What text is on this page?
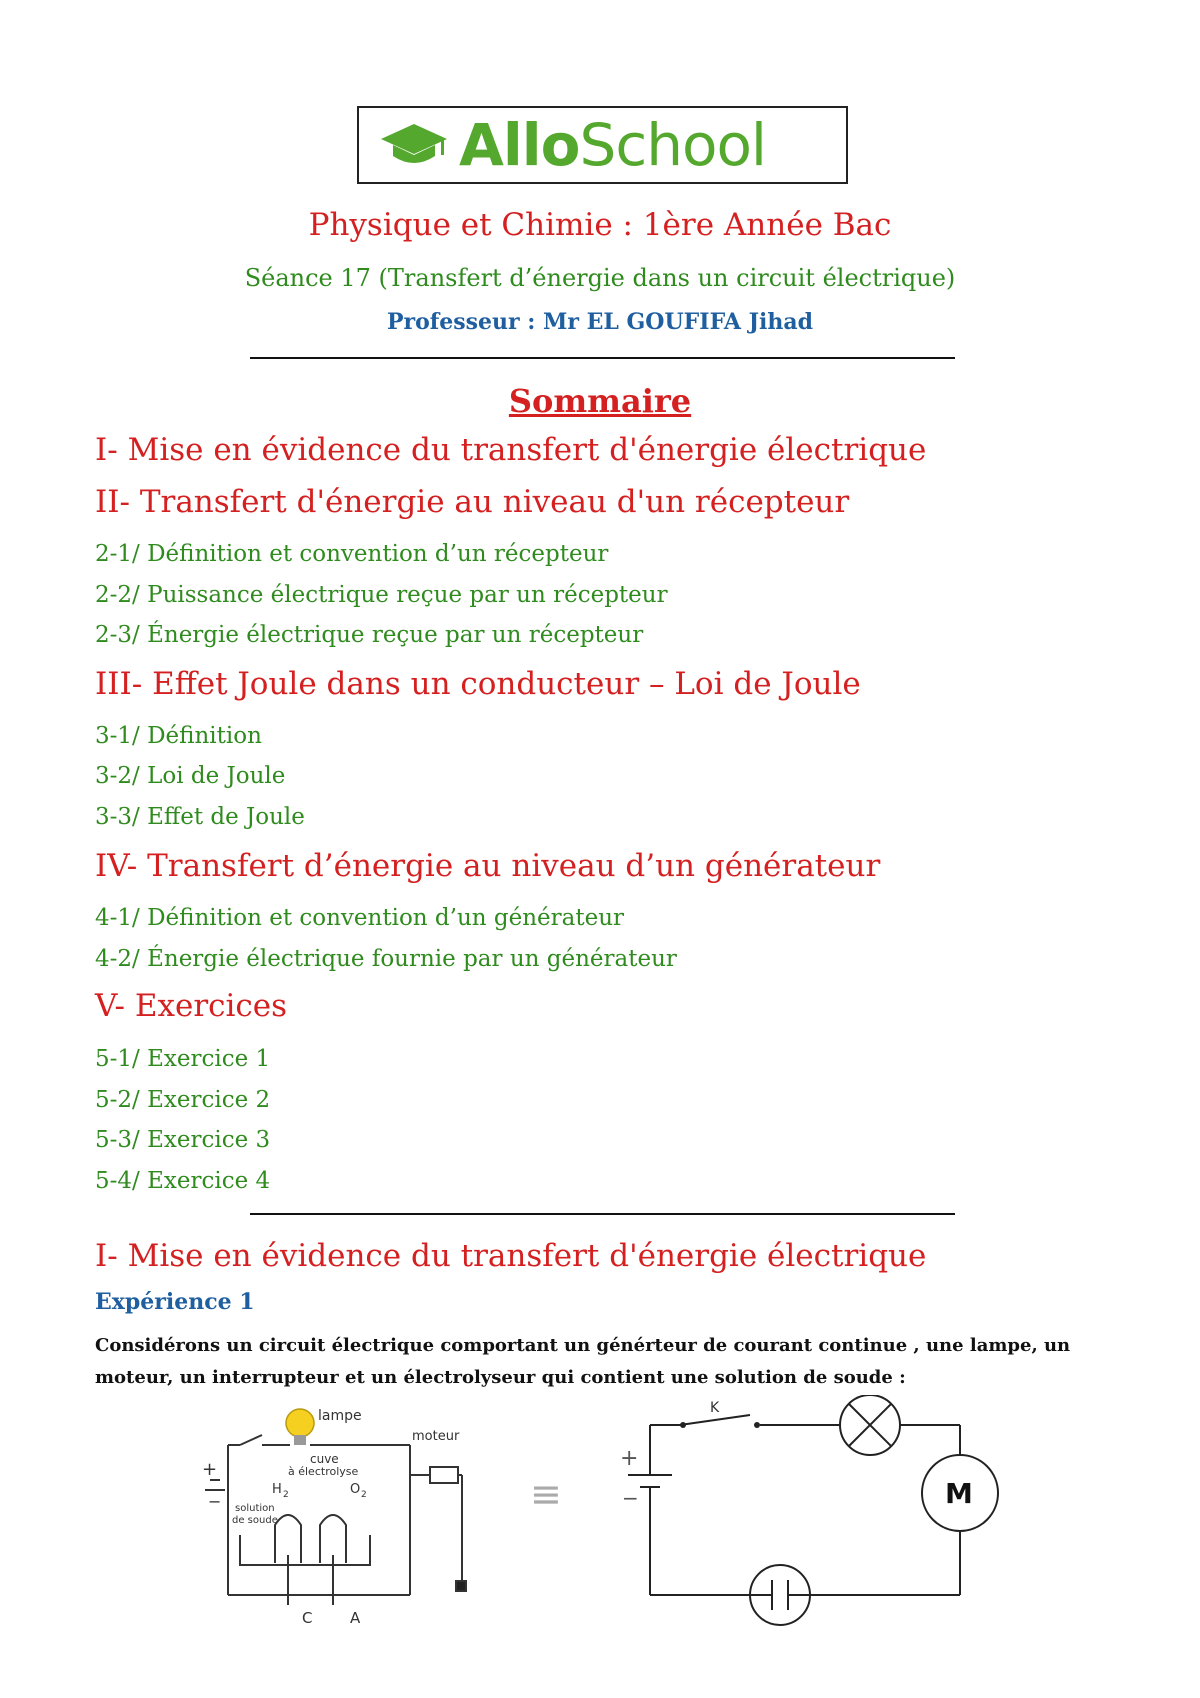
AlloSchool
Physique et Chimie : 1ère Année Bac
Séance 17 (Transfert d’énergie dans un circuit électrique)
Professeur : Mr EL GOUFIFA Jihad
Sommaire
I- Mise en évidence du transfert d'énergie électrique
II- Transfert d'énergie au niveau d'un récepteur
2-1/ Définition et convention d’un récepteur
2-2/ Puissance électrique reçue par un récepteur
2-3/ Énergie électrique reçue par un récepteur
III- Effet Joule dans un conducteur – Loi de Joule
3-1/ Définition
3-2/ Loi de Joule
3-3/ Effet de Joule
IV- Transfert d’énergie au niveau d’un générateur
4-1/ Définition et convention d’un générateur
4-2/ Énergie électrique fournie par un générateur
V- Exercices
5-1/ Exercice 1
5-2/ Exercice 2
5-3/ Exercice 3
5-4/ Exercice 4
I- Mise en évidence du transfert d'énergie électrique
Expérience 1
Considérons un circuit électrique comportant un générteur de courant continue , une lampe, un
moteur, un interrupteur et un électrolyseur qui contient une solution de soude :
lampe
moteur
cuve
à électrolyse
H 2	O 2
solution
de soude
+
−
C	A
≡
K
+
−	M
